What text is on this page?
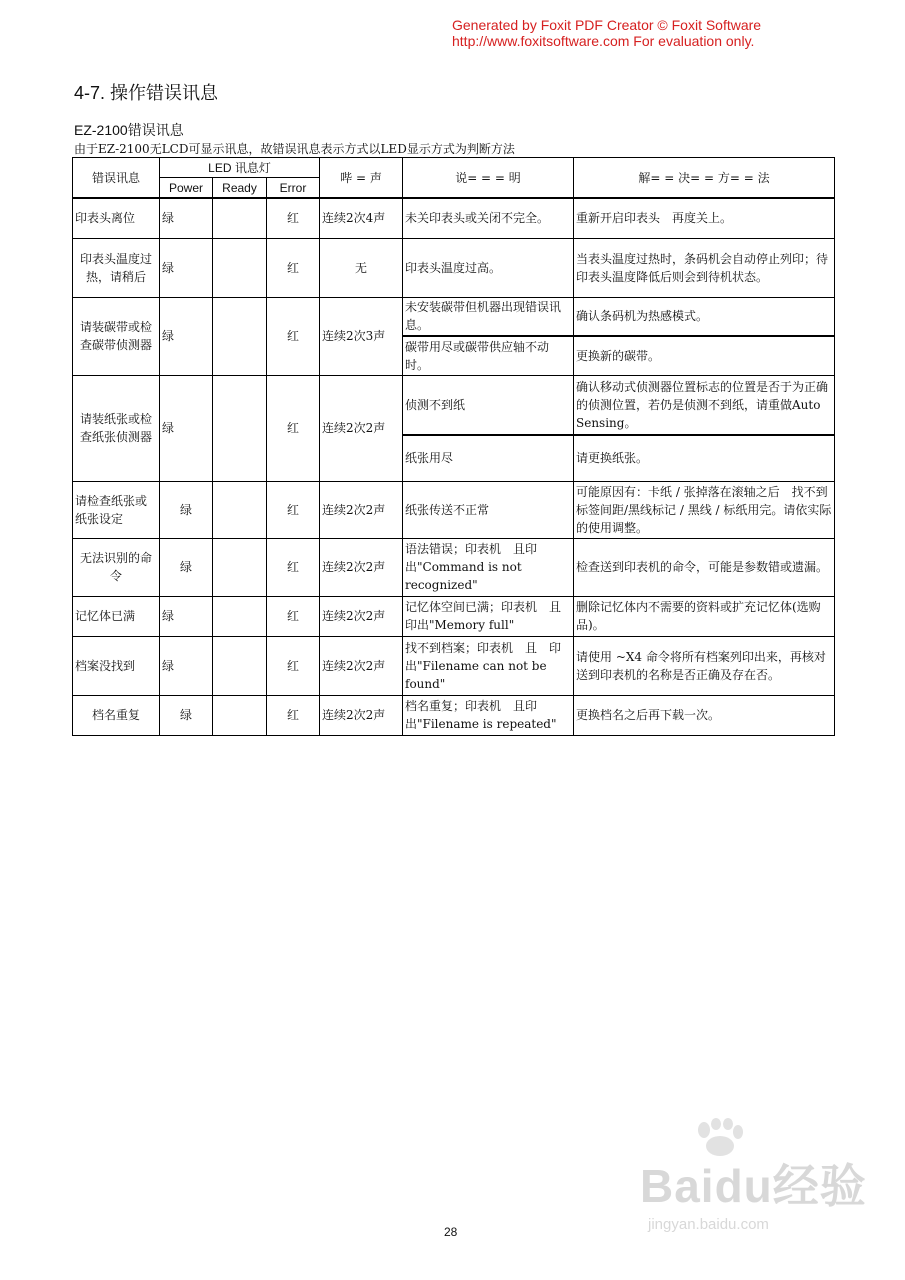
Generated by Foxit PDF Creator © Foxit Software
http://www.foxitsoftware.com For evaluation only.
4-7. 操作错误讯息
EZ-2100错误讯息
由于EZ-2100无LCD可显示讯息，故错误讯息表示方式以LED显示方式为判断方法
错误讯息	LED 讯息灯			哔 = 声	说= = = 明	解= = 决= = 方= = 法
	Power	Ready	Error			
印表头离位	绿		红	连续2次4声	未关印表头或关闭不完全。	重新开启印表头　再度关上。
印表头温度过热，请稍后	绿		红	无	印表头温度过高。	当表头温度过热时，条码机会自动停止列印；待印表头温度降低后则会到待机状态。
请装碳带或检查碳带侦测器	绿		红	连续2次3声	未安装碳带但机器出现错误讯息。	确认条码机为热感模式。
					碳带用尽或碳带供应轴不动时。	更换新的碳带。
请装纸张或检查纸张侦测器	绿		红	连续2次2声	侦测不到纸	确认移动式侦测器位置标志的位置是否于为正确的侦测位置，若仍是侦测不到纸，请重做Auto Sensing。
					纸张用尽	请更换纸张。
请检查纸张或纸张设定	绿		红	连续2次2声	纸张传送不正常	可能原因有：卡纸 / 张掉落在滚轴之后　找不到标签间距/黑线标记 / 黑线 / 标纸用完。请依实际的使用调整。
无法识别的命令	绿		红	连续2次2声	语法错误；印表机　且印出"Command is not recognized"	检查送到印表机的命令，可能是参数错或遗漏。
记忆体已满	绿		红	连续2次2声	记忆体空间已满；印表机　且印出"Memory full"	删除记忆体内不需要的资料或扩充记忆体(选购品)。
档案没找到	绿		红	连续2次2声	找不到档案；印表机　且　印出"Filename can not be found"	请使用 ~X4 命令将所有档案列印出来，再核对送到印表机的名称是否正确及存在否。
档名重复	绿		红	连续2次2声	档名重复；印表机　且印出"Filename is repeated"	更换档名之后再下载一次。
28
Baidu经验
jingyan.baidu.com
